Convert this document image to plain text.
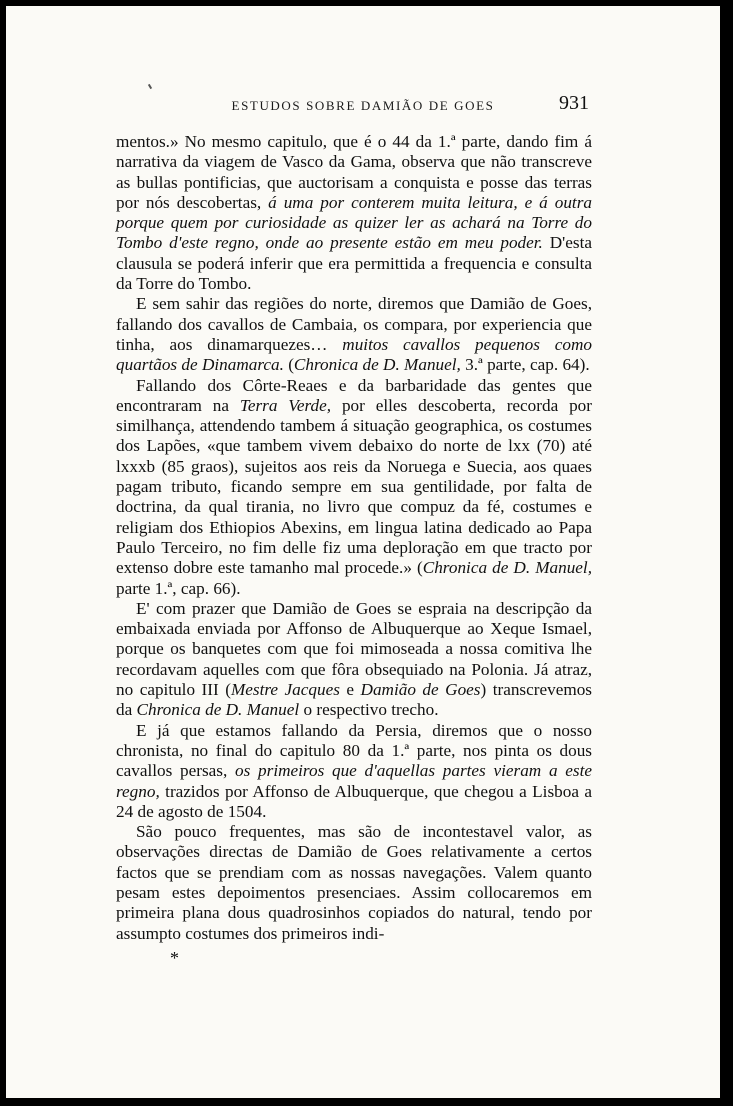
ESTUDOS SOBRE DAMIÃO DE GOES	931

mentos.» No mesmo capitulo, que é o 44 da 1.ª parte, dando fim á narrativa da viagem de Vasco da Gama, observa que não transcreve as bullas pontificias, que auctorisam a conquista e posse das terras por nós descobertas, á uma por conterem muita leitura, e á outra porque quem por curiosidade as quizer ler as achará na Torre do Tombo d'este regno, onde ao presente estão em meu poder. D'esta clausula se poderá inferir que era permittida a frequencia e consulta da Torre do Tombo.

E sem sahir das regiões do norte, diremos que Damião de Goes, fallando dos cavallos de Cambaia, os compara, por experiencia que tinha, aos dinamarquezes… muitos cavallos pequenos como quartãos de Dinamarca. (Chronica de D. Manuel, 3.ª parte, cap. 64).

Fallando dos Côrte-Reaes e da barbaridade das gentes que encontraram na Terra Verde, por elles descoberta, recorda por similhança, attendendo tambem á situação geographica, os costumes dos Lapões, «que tambem vivem debaixo do norte de lxx (70) até lxxxb (85 graos), sujeitos aos reis da Noruega e Suecia, aos quaes pagam tributo, ficando sempre em sua gentilidade, por falta de doctrina, da qual tirania, no livro que compuz da fé, costumes e religiam dos Ethiopios Abexins, em lingua latina dedicado ao Papa Paulo Terceiro, no fim delle fiz uma deploração em que tracto por extenso dobre este tamanho mal procede.» (Chronica de D. Manuel, parte 1.ª, cap. 66).

E' com prazer que Damião de Goes se espraia na descripção da embaixada enviada por Affonso de Albuquerque ao Xeque Ismael, porque os banquetes com que foi mimoseada a nossa comitiva lhe recordavam aquelles com que fôra obsequiado na Polonia. Já atraz, no capitulo III (Mestre Jacques e Damião de Goes) transcrevemos da Chronica de D. Manuel o respectivo trecho.

E já que estamos fallando da Persia, diremos que o nosso chronista, no final do capitulo 80 da 1.ª parte, nos pinta os dous cavallos persas, os primeiros que d'aquellas partes vieram a este regno, trazidos por Affonso de Albuquerque, que chegou a Lisboa a 24 de agosto de 1504.

São pouco frequentes, mas são de incontestavel valor, as observações directas de Damião de Goes relativamente a certos factos que se prendiam com as nossas navegações. Valem quanto pesam estes depoimentos presenciaes. Assim collocaremos em primeira plana dous quadrosinhos copiados do natural, tendo por assumpto costumes dos primeiros indi-

*
